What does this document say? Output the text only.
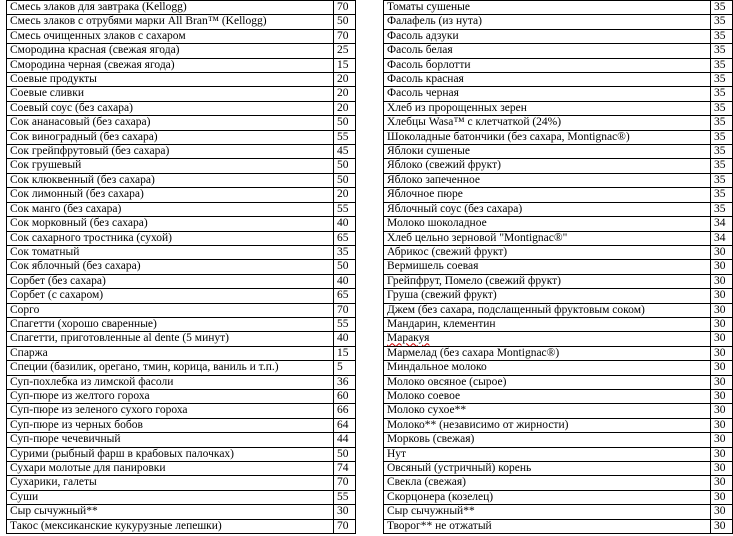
Смесь злаков для завтрака (Kellogg)	70
Смесь злаков с отрубями марки All Bran™ (Kellogg)	50
Смесь очищенных злаков с сахаром	70
Смородина красная (свежая ягода)	25
Смородина черная (свежая ягода)	15
Соевые продукты	20
Соевые сливки	20
Соевый соус (без сахара)	20
Сок ананасовый (без сахара)	50
Сок виноградный (без сахара)	55
Сок грейпфрутовый (без сахара)	45
Сок грушевый	50
Сок клюквенный (без сахара)	50
Сок лимонный (без сахара)	20
Сок манго (без сахара)	55
Сок морковный (без сахара)	40
Сок сахарного тростника (сухой)	65
Сок томатный	35
Сок яблочный (без сахара)	50
Сорбет (без сахара)	40
Сорбет (с сахаром)	65
Сорго	70
Спагетти (хорошо сваренные)	55
Спагетти, приготовленные al dente (5 минут)	40
Спаржа	15
Специи (базилик, орегано, тмин, корица, ваниль и т.п.)	5
Суп-похлебка из лимской фасоли	36
Суп-пюре из желтого гороха	60
Суп-пюре из зеленого сухого гороха	66
Суп-пюре из черных бобов	64
Суп-пюре чечевичный	44
Сурими (рыбный фарш в крабовых палочках)	50
Сухари молотые для панировки	74
Сухарики, галеты	70
Суши	55
Сыр сычужный**	30
Такос (мексиканские кукурузные лепешки)	70
Томаты сушеные	35
Фалафель (из нута)	35
Фасоль адзуки	35
Фасоль белая	35
Фасоль борлотти	35
Фасоль красная	35
Фасоль черная	35
Хлеб из пророщенных зерен	35
Хлебцы Wasa™ с клетчаткой (24%)	35
Шоколадные батончики (без сахара, Montignac®)	35
Яблоки сушеные	35
Яблоко (свежий фрукт)	35
Яблоко запеченное	35
Яблочное пюре	35
Яблочный соус (без сахара)	35
Молоко шоколадное	34
Хлеб цельно зерновой "Montignac®"	34
Абрикос (свежий фрукт)	30
Вермишель соевая	30
Грейпфрут, Помело (свежий фрукт)	30
Груша (свежий фрукт)	30
Джем (без сахара, подслащенный фруктовым соком)	30
Мандарин, клементин	30
Маракуя	30
Мармелад (без сахара Montignac®)	30
Миндальное молоко	30
Молоко овсяное (сырое)	30
Молоко соевое	30
Молоко сухое**	30
Молоко** (независимо от жирности)	30
Морковь (свежая)	30
Нут	30
Овсяный (устричный) корень	30
Свекла (свежая)	30
Скорцонера (козелец)	30
Сыр сычужный**	30
Творог** не отжатый	30
